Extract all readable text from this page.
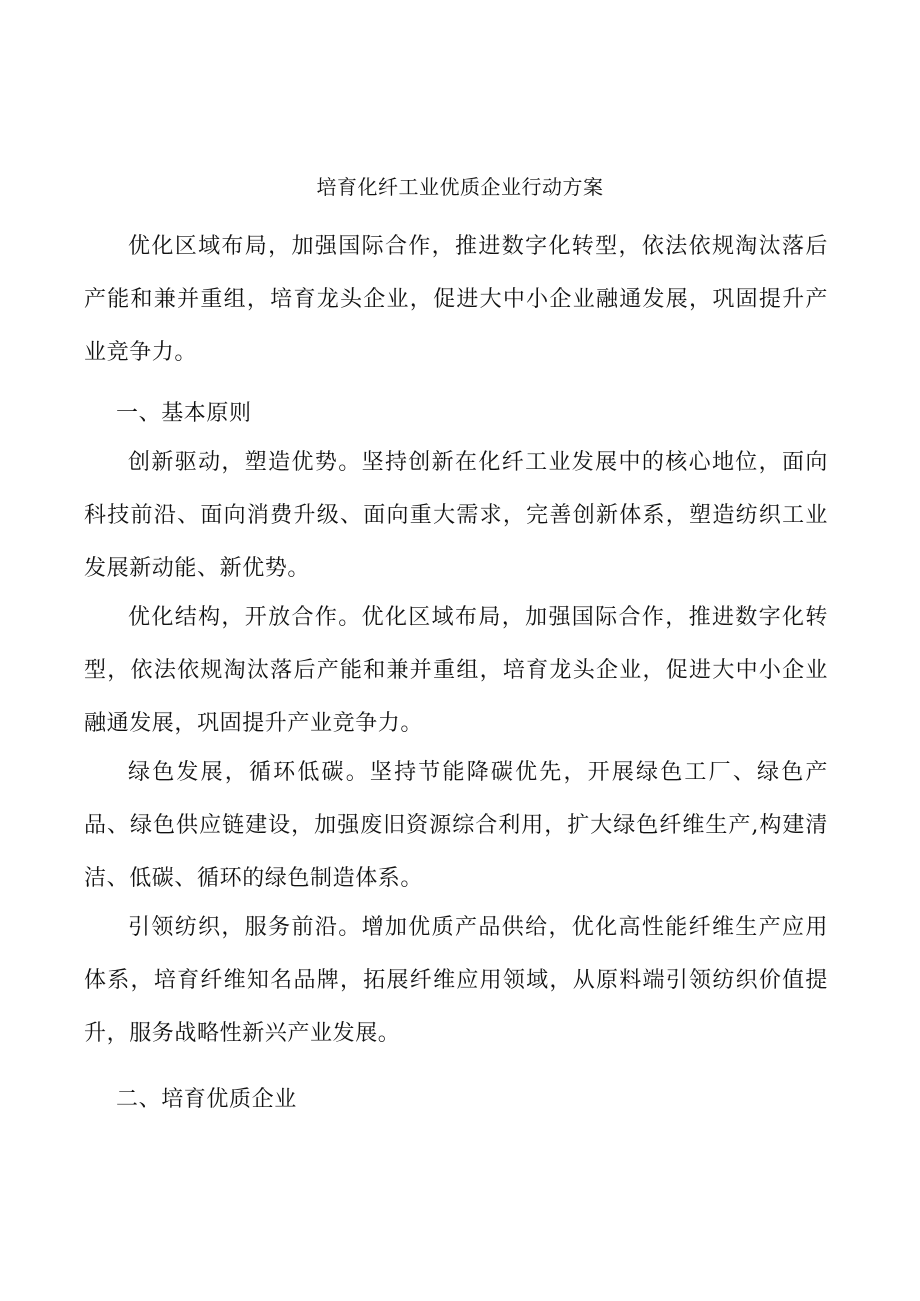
培育化纤工业优质企业行动方案

优化区域布局，加强国际合作，推进数字化转型，依法依规淘汰落后产能和兼并重组，培育龙头企业，促进大中小企业融通发展，巩固提升产业竞争力。

一、基本原则

创新驱动，塑造优势。坚持创新在化纤工业发展中的核心地位，面向科技前沿、面向消费升级、面向重大需求，完善创新体系，塑造纺织工业发展新动能、新优势。

优化结构，开放合作。优化区域布局，加强国际合作，推进数字化转型，依法依规淘汰落后产能和兼并重组，培育龙头企业，促进大中小企业融通发展，巩固提升产业竞争力。

绿色发展，循环低碳。坚持节能降碳优先，开展绿色工厂、绿色产品、绿色供应链建设，加强废旧资源综合利用，扩大绿色纤维生产,构建清洁、低碳、循环的绿色制造体系。

引领纺织，服务前沿。增加优质产品供给，优化高性能纤维生产应用体系，培育纤维知名品牌，拓展纤维应用领域，从原料端引领纺织价值提升，服务战略性新兴产业发展。

二、培育优质企业
